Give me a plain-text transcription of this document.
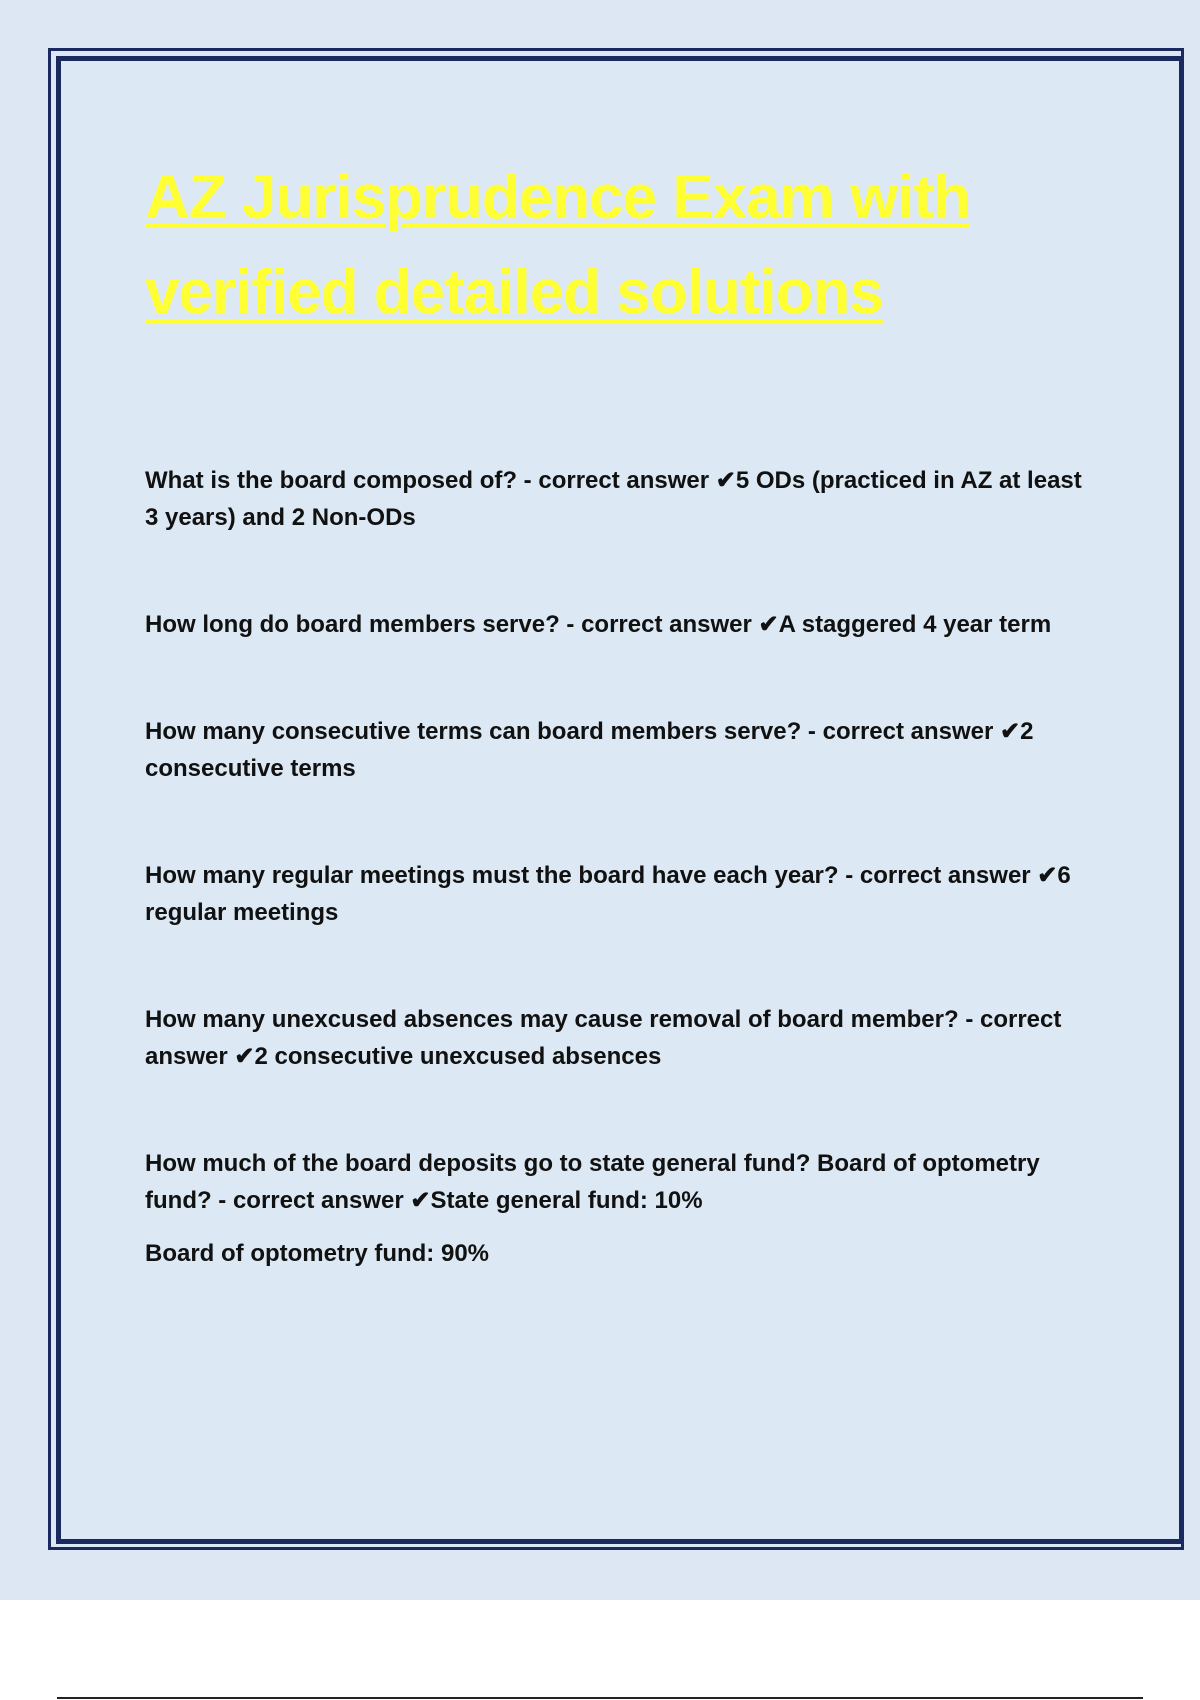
AZ Jurisprudence Exam with
verified detailed solutions

What is the board composed of? - correct answer ✔5 ODs (practiced in AZ at least 3 years) and 2 Non-ODs

How long do board members serve? - correct answer ✔A staggered 4 year term

How many consecutive terms can board members serve? - correct answer ✔2 consecutive terms

How many regular meetings must the board have each year? - correct answer ✔6 regular meetings

How many unexcused absences may cause removal of board member? - correct answer ✔2 consecutive unexcused absences

How much of the board deposits go to state general fund? Board of optometry fund? - correct answer ✔State general fund: 10%
Board of optometry fund: 90%
